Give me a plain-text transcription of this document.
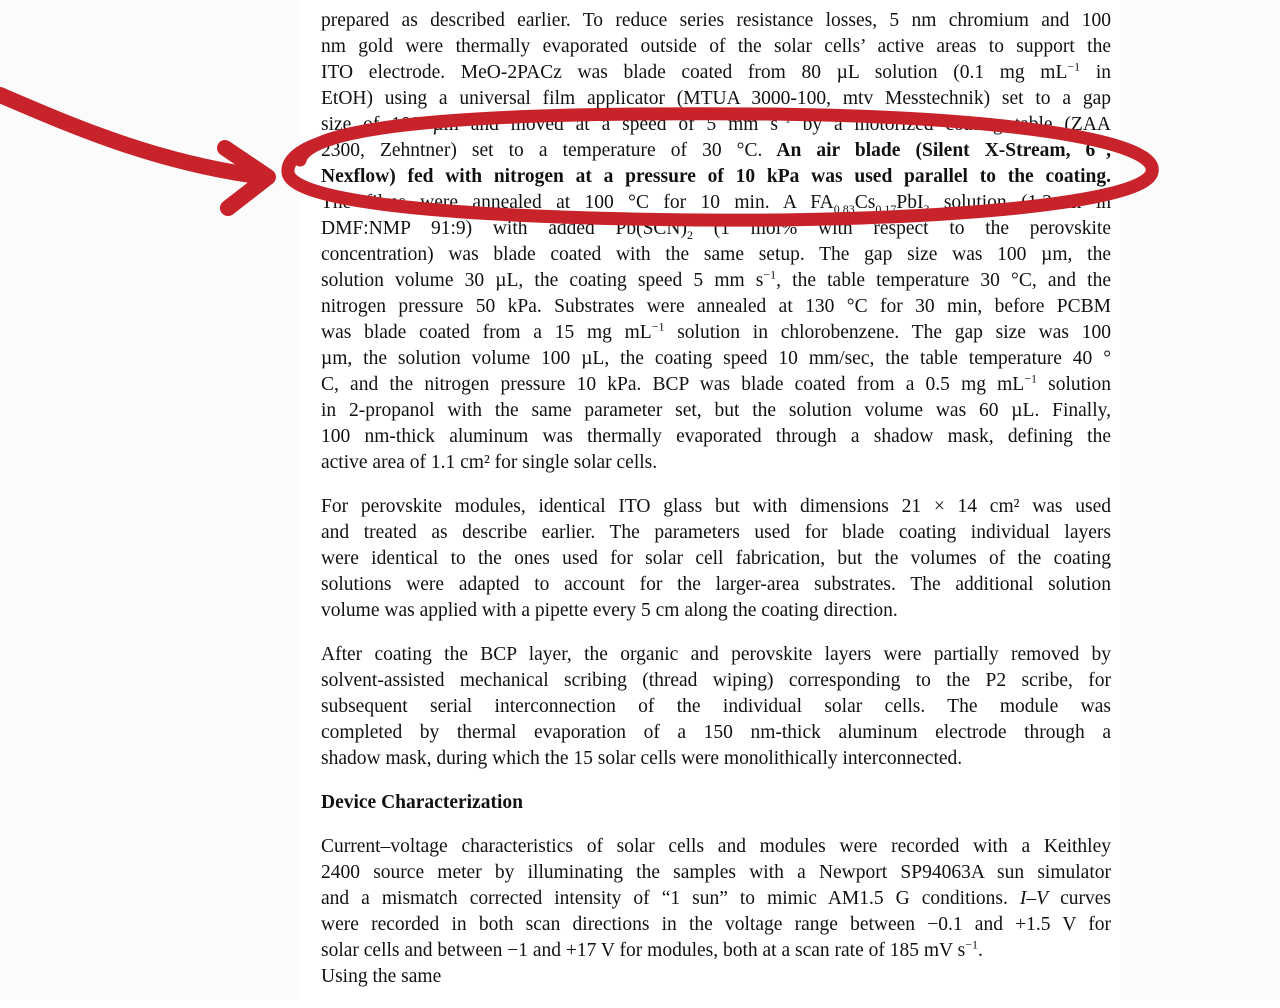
prepared as described earlier. To reduce series resistance losses, 5 nm chromium and 100
nm gold were thermally evaporated outside of the solar cells’ active areas to support the
ITO electrode. MeO-2PACz was blade coated from 80 µL solution (0.1 mg $mL^{-1}$ in
EtOH) using a universal film applicator (MTUA 3000-100, mtv Messtechnik) set to a gap
size of 100 µm and moved at a speed of 5 mm $s^{-1}$ by a motorized coating table (ZAA
2300, Zehntner) set to a temperature of 30 °C. An air blade (Silent X-Stream, 6",
Nexflow) fed with nitrogen at a pressure of 10 kPa was used parallel to the coating.
The films were annealed at 100 °C for 10 min. A $FA_{0.83}Cs_{0.17}PbI_3$ solution (1.3 m in
DMF:NMP 91:9) with added $Pb(SCN)_2$ (1 mol% with respect to the perovskite
concentration) was blade coated with the same setup. The gap size was 100 µm, the
solution volume 30 µL, the coating speed 5 mm $s^{-1}$, the table temperature 30 °C, and the
nitrogen pressure 50 kPa. Substrates were annealed at 130 °C for 30 min, before PCBM
was blade coated from a 15 mg $mL^{-1}$ solution in chlorobenzene. The gap size was 100
µm, the solution volume 100 µL, the coating speed 10 mm/sec, the table temperature 40 °
C, and the nitrogen pressure 10 kPa. BCP was blade coated from a 0.5 mg $mL^{-1}$ solution
in 2-propanol with the same parameter set, but the solution volume was 60 µL. Finally,
100 nm-thick aluminum was thermally evaporated through a shadow mask, defining the
active area of 1.1 cm² for single solar cells.
For perovskite modules, identical ITO glass but with dimensions 21 × 14 cm² was used
and treated as describe earlier. The parameters used for blade coating individual layers
were identical to the ones used for solar cell fabrication, but the volumes of the coating
solutions were adapted to account for the larger-area substrates. The additional solution
volume was applied with a pipette every 5 cm along the coating direction.
After coating the BCP layer, the organic and perovskite layers were partially removed by
solvent-assisted mechanical scribing (thread wiping) corresponding to the P2 scribe, for
subsequent serial interconnection of the individual solar cells. The module was
completed by thermal evaporation of a 150 nm-thick aluminum electrode through a
shadow mask, during which the 15 solar cells were monolithically interconnected.
Device Characterization
Current–voltage characteristics of solar cells and modules were recorded with a Keithley
2400 source meter by illuminating the samples with a Newport SP94063A sun simulator
and a mismatch corrected intensity of “1 sun” to mimic AM1.5 G conditions. I–V curves
were recorded in both scan directions in the voltage range between −0.1 and +1.5 V for
solar cells and between −1 and +17 V for modules, both at a scan rate of 185 mV $s^{-1}$.
Using the same
